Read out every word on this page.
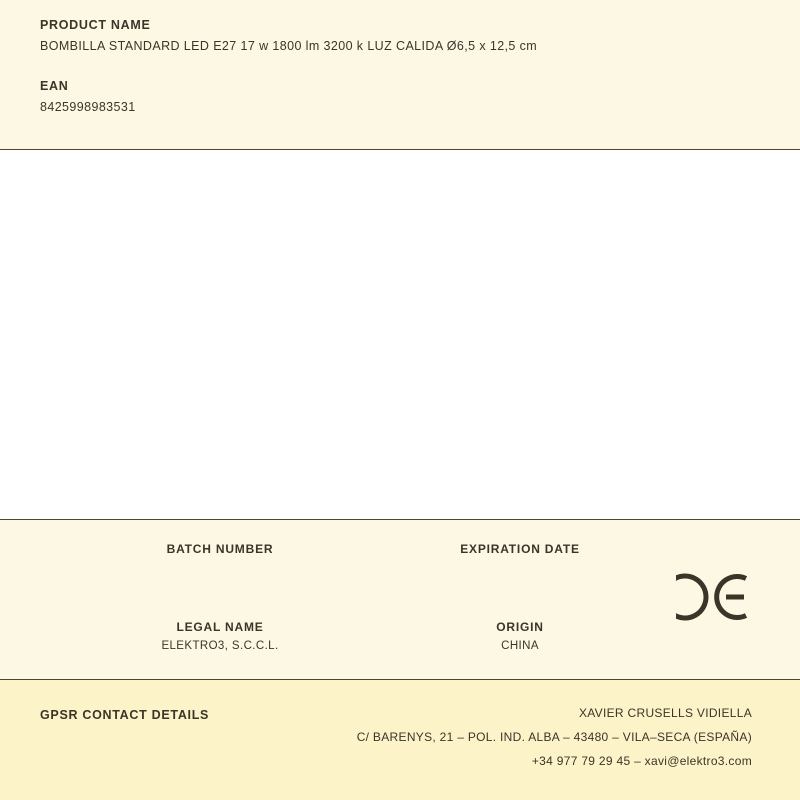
PRODUCT NAME

BOMBILLA STANDARD LED E27 17 w 1800 lm 3200 k LUZ CALIDA Ø6,5 x 12,5 cm

EAN

8425998983531

BATCH NUMBER	EXPIRATION DATE

LEGAL NAME

ELEKTRO3, S.C.C.L.

ORIGIN

CHINA

GPSR CONTACT DETAILS	XAVIER CRUSELLS VIDIELLA

C/ BARENYS, 21 – POL. IND. ALBA – 43480 – VILA–SECA (ESPAÑA)

+34 977 79 29 45 – xavi@elektro3.com
